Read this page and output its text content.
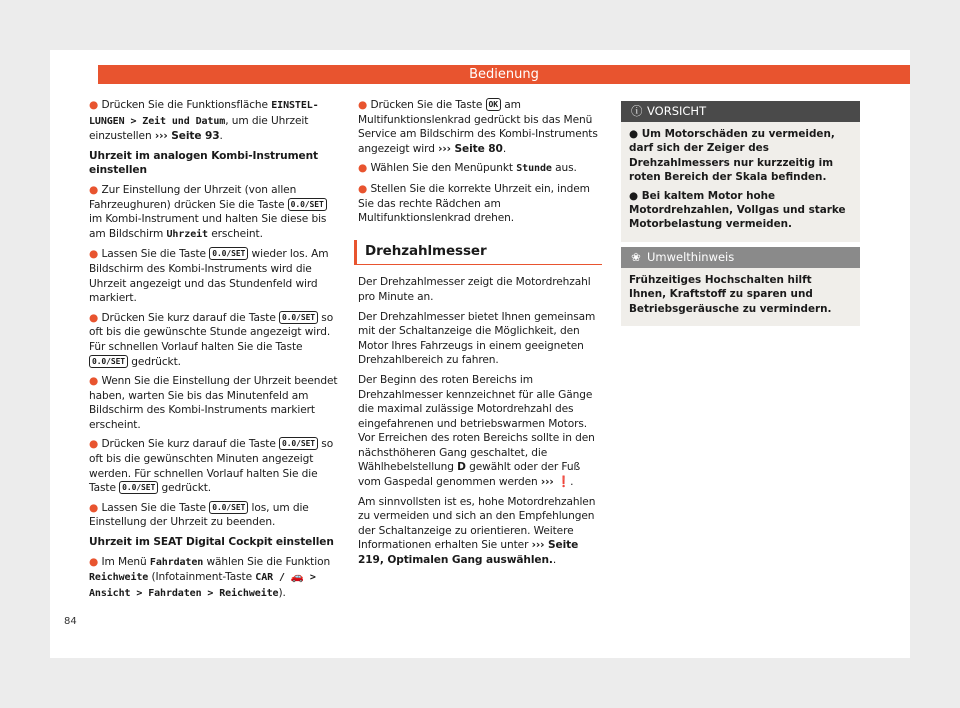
Bedienung

● Drücken Sie die Funktionsfläche EINSTEL-LUNGEN > Zeit und Datum, um die Uhrzeit einzustellen ››› Seite 93.

Uhrzeit im analogen Kombi-Instrument einstellen

● Zur Einstellung der Uhrzeit (von allen Fahrzeughuren) drücken Sie die Taste 0.0/SET im Kombi-Instrument und halten Sie diese bis am Bildschirm Uhrzeit erscheint.

● Lassen Sie die Taste 0.0/SET wieder los. Am Bildschirm des Kombi-Instruments wird die Uhrzeit angezeigt und das Stundenfeld wird markiert.

● Drücken Sie kurz darauf die Taste 0.0/SET so oft bis die gewünschte Stunde angezeigt wird. Für schnellen Vorlauf halten Sie die Taste 0.0/SET gedrückt.

● Wenn Sie die Einstellung der Uhrzeit beendet haben, warten Sie bis das Minutenfeld am Bildschirm des Kombi-Instruments markiert erscheint.

● Drücken Sie kurz darauf die Taste 0.0/SET so oft bis die gewünschten Minuten angezeigt werden. Für schnellen Vorlauf halten Sie die Taste 0.0/SET gedrückt.

● Lassen Sie die Taste 0.0/SET los, um die Einstellung der Uhrzeit zu beenden.

Uhrzeit im SEAT Digital Cockpit einstellen

● Im Menü Fahrdaten wählen Sie die Funktion Reichweite (Infotainment-Taste CAR / 🚗 > Ansicht > Fahrdaten > Reichweite).

● Drücken Sie die Taste OK am Multifunktionslenkrad gedrückt bis das Menü Service am Bildschirm des Kombi-Instruments angezeigt wird ››› Seite 80.

● Wählen Sie den Menüpunkt Stunde aus.

● Stellen Sie die korrekte Uhrzeit ein, indem Sie das rechte Rädchen am Multifunktionslenkrad drehen.

Drehzahlmesser

Der Drehzahlmesser zeigt die Motordrehzahl pro Minute an.

Der Drehzahlmesser bietet Ihnen gemeinsam mit der Schaltanzeige die Möglichkeit, den Motor Ihres Fahrzeugs in einem geeigneten Drehzahlbereich zu fahren.

Der Beginn des roten Bereichs im Drehzahlmesser kennzeichnet für alle Gänge die maximal zulässige Motordrehzahl des eingefahrenen und betriebswarmen Motors. Vor Erreichen des roten Bereichs sollte in den nächsthöheren Gang geschaltet, die Wählhebelstellung D gewählt oder der Fuß vom Gaspedal genommen werden ››› ❗.

Am sinnvollsten ist es, hohe Motordrehzahlen zu vermeiden und sich an den Empfehlungen der Schaltanzeige zu orientieren. Weitere Informationen erhalten Sie unter ››› Seite 219, Optimalen Gang auswählen..

ⓘ VORSICHT

● Um Motorschäden zu vermeiden, darf sich der Zeiger des Drehzahlmessers nur kurzzeitig im roten Bereich der Skala befinden.

● Bei kaltem Motor hohe Motordrehzahlen, Vollgas und starke Motorbelastung vermeiden.

❀ Umwelthinweis

Frühzeitiges Hochschalten hilft Ihnen, Kraftstoff zu sparen und Betriebsgeräusche zu vermindern.

84
